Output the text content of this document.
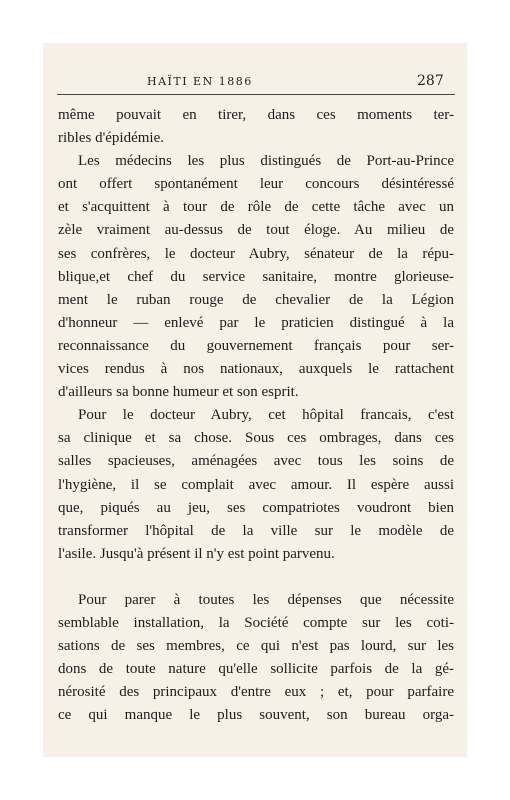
HAÏTI EN 1886	287

même pouvait en tirer, dans ces moments ter-
ribles d'épidémie.

Les médecins les plus distingués de Port-au-Prince
ont offert spontanément leur concours désintéressé
et s'acquittent à tour de rôle de cette tâche avec un
zèle vraiment au-dessus de tout éloge. Au milieu de
ses confrères, le docteur Aubry, sénateur de la répu-
blique,et chef du service sanitaire, montre glorieuse-
ment le ruban rouge de chevalier de la Légion
d'honneur — enlevé par le praticien distingué à la
reconnaissance du gouvernement français pour ser-
vices rendus à nos nationaux, auxquels le rattachent
d'ailleurs sa bonne humeur et son esprit.

Pour le docteur Aubry, cet hôpital francais, c'est
sa clinique et sa chose. Sous ces ombrages, dans ces
salles spacieuses, aménagées avec tous les soins de
l'hygiène, il se complait avec amour. Il espère aussi
que, piqués au jeu, ses compatriotes voudront bien
transformer l'hôpital de la ville sur le modèle de
l'asile. Jusqu'à présent il n'y est point parvenu.

Pour parer à toutes les dépenses que nécessite
semblable installation, la Société compte sur les coti-
sations de ses membres, ce qui n'est pas lourd, sur les
dons de toute nature qu'elle sollicite parfois de la gé-
nérosité des principaux d'entre eux ; et, pour parfaire
ce qui manque le plus souvent, son bureau orga-
